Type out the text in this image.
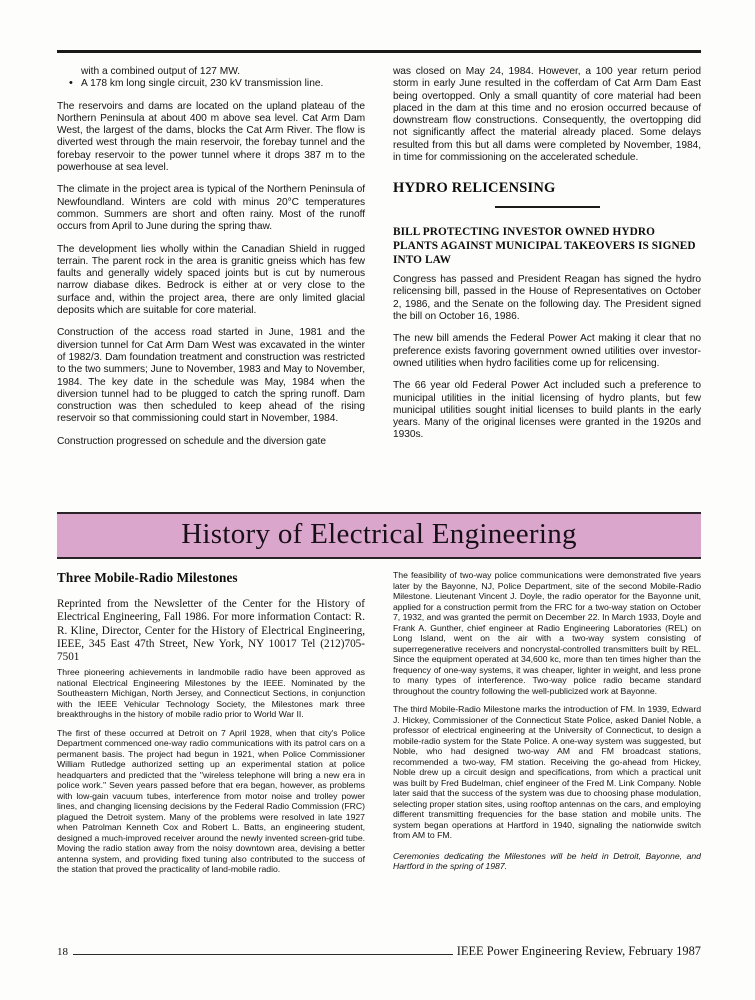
with a combined output of 127 MW.
• A 178 km long single circuit, 230 kV transmission line.

The reservoirs and dams are located on the upland plateau of the Northern Peninsula at about 400 m above sea level. Cat Arm Dam West, the largest of the dams, blocks the Cat Arm River. The flow is diverted west through the main reservoir, the forebay tunnel and the forebay reservoir to the power tunnel where it drops 387 m to the powerhouse at sea level.

The climate in the project area is typical of the Northern Peninsula of Newfoundland. Winters are cold with minus 20°C temperatures common. Summers are short and often rainy. Most of the runoff occurs from April to June during the spring thaw.

The development lies wholly within the Canadian Shield in rugged terrain. The parent rock in the area is granitic gneiss which has few faults and generally widely spaced joints but is cut by numerous narrow diabase dikes. Bedrock is either at or very close to the surface and, within the project area, there are only limited glacial deposits which are suitable for core material.

Construction of the access road started in June, 1981 and the diversion tunnel for Cat Arm Dam West was excavated in the winter of 1982/3. Dam foundation treatment and construction was restricted to the two summers; June to November, 1983 and May to November, 1984. The key date in the schedule was May, 1984 when the diversion tunnel had to be plugged to catch the spring runoff. Dam construction was then scheduled to keep ahead of the rising reservoir so that commissioning could start in November, 1984.

Construction progressed on schedule and the diversion gate

was closed on May 24, 1984. However, a 100 year return period storm in early June resulted in the cofferdam of Cat Arm Dam East being overtopped. Only a small quantity of core material had been placed in the dam at this time and no erosion occurred because of downstream flow constructions. Consequently, the overtopping did not significantly affect the material already placed. Some delays resulted from this but all dams were completed by November, 1984, in time for commissioning on the accelerated schedule.

HYDRO RELICENSING
BILL PROTECTING INVESTOR OWNED HYDRO PLANTS AGAINST MUNICIPAL TAKEOVERS IS SIGNED INTO LAW

Congress has passed and President Reagan has signed the hydro relicensing bill, passed in the House of Representatives on October 2, 1986, and the Senate on the following day. The President signed the bill on October 16, 1986.

The new bill amends the Federal Power Act making it clear that no preference exists favoring government owned utilities over investor-owned utilities when hydro facilities come up for relicensing.

The 66 year old Federal Power Act included such a preference to municipal utilities in the initial licensing of hydro plants, but few municipal utilities sought initial licenses to build plants in the early years. Many of the original licenses were granted in the 1920s and 1930s.

History of Electrical Engineering
Three Mobile-Radio Milestones

Reprinted from the Newsletter of the Center for the History of Electrical Engineering, Fall 1986. For more information Contact: R. R. Kline, Director, Center for the History of Electrical Engineering, IEEE, 345 East 47th Street, New York, NY 10017 Tel (212)705-7501

Three pioneering achievements in landmobile radio have been approved as national Electrical Engineering Milestones by the IEEE. Nominated by the Southeastern Michigan, North Jersey, and Connecticut Sections, in conjunction with the IEEE Vehicular Technology Society, the Milestones mark three breakthroughs in the history of mobile radio prior to World War II.

The first of these occurred at Detroit on 7 April 1928, when that city's Police Department commenced one-way radio communications with its patrol cars on a permanent basis. The project had begun in 1921, when Police Commissioner William Rutledge authorized setting up an experimental station at police headquarters and predicted that the ''wireless telephone will bring a new era in police work.'' Seven years passed before that era began, however, as problems with low-gain vacuum tubes, interference from motor noise and trolley power lines, and changing licensing decisions by the Federal Radio Commission (FRC) plagued the Detroit system. Many of the problems were resolved in late 1927 when Patrolman Kenneth Cox and Robert L. Batts, an engineering student, designed a much-improved receiver around the newly invented screen-grid tube. Moving the radio station away from the noisy downtown area, devising a better antenna system, and providing fixed tuning also contributed to the success of the station that proved the practicality of land-mobile radio.

The feasibility of two-way police communications were demonstrated five years later by the Bayonne, NJ, Police Department, site of the second Mobile-Radio Milestone. Lieutenant Vincent J. Doyle, the radio operator for the Bayonne unit, applied for a construction permit from the FRC for a two-way station on October 7, 1932, and was granted the permit on December 22. In March 1933, Doyle and Frank A. Gunther, chief engineer at Radio Engineering Laboratories (REL) on Long Island, went on the air with a two-way system consisting of superregenerative receivers and noncrystal-controlled transmitters built by REL. Since the equipment operated at 34,600 kc, more than ten times higher than the frequency of one-way systems, it was cheaper, lighter in weight, and less prone to many types of interference. Two-way police radio became standard throughout the country following the well-publicized work at Bayonne.

The third Mobile-Radio Milestone marks the introduction of FM. In 1939, Edward J. Hickey, Commissioner of the Connecticut State Police, asked Daniel Noble, a professor of electrical engineering at the University of Connecticut, to design a mobile-radio system for the State Police. A one-way system was suggested, but Noble, who had designed two-way AM and FM broadcast stations, recommended a two-way, FM station. Receiving the go-ahead from Hickey, Noble drew up a circuit design and specifications, from which a practical unit was built by Fred Budelman, chief engineer of the Fred M. Link Company. Noble later said that the success of the system was due to choosing phase modulation, selecting proper station sites, using rooftop antennas on the cars, and employing different transmitting frequencies for the base station and mobile units. The system began operations at Hartford in 1940, signaling the nationwide switch from AM to FM.

Ceremonies dedicating the Milestones will be held in Detroit, Bayonne, and Hartford in the spring of 1987.

18	IEEE Power Engineering Review, February 1987
